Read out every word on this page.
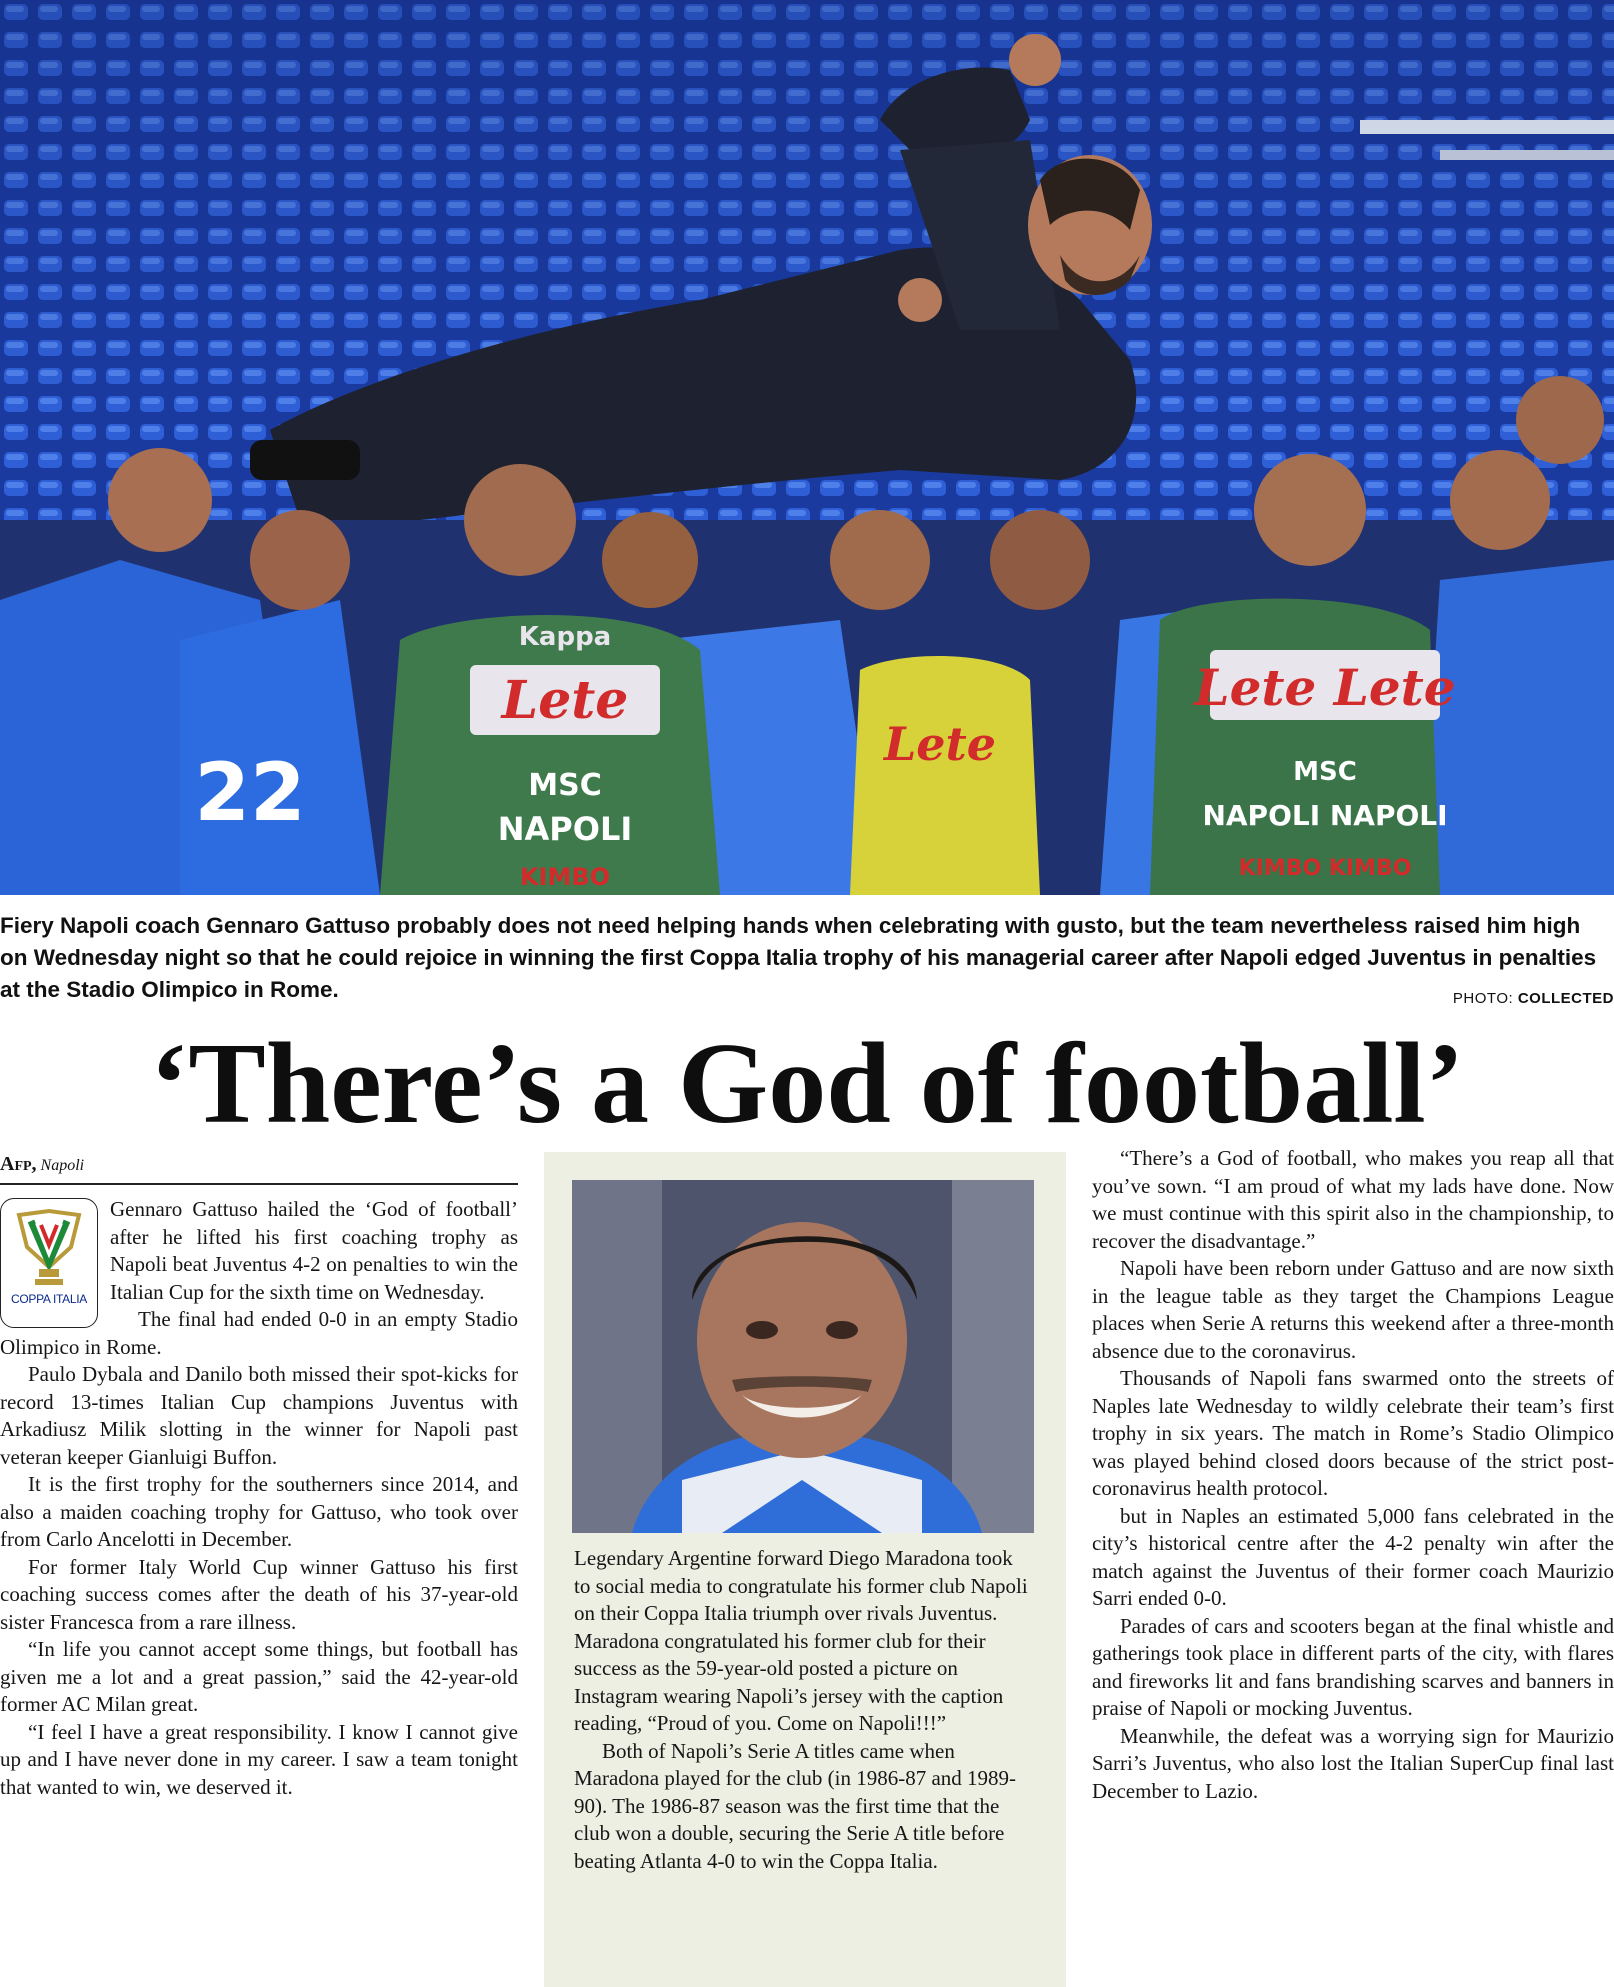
Lete
Kappa
MSC
NAPOLI
KIMBO
Lete Lete
MSC
NAPOLI NAPOLI
KIMBO KIMBO
Lete
22
Fiery Napoli coach Gennaro Gattuso probably does not need helping hands when celebrating with gusto, but the team nevertheless raised him high on Wednesday night so that he could rejoice in winning the first Coppa Italia trophy of his managerial career after Napoli edged Juventus in penalties at the Stadio Olimpico in Rome.	PHOTO: COLLECTED
‘There’s a God of football’
Afp, Napoli
COPPA ITALIA

Gennaro Gattuso hailed the ‘God of football’ after he lifted his first coaching trophy as Napoli beat Juventus 4-2 on penalties to win the Italian Cup for the sixth time on Wednesday.

The final had ended 0-0 in an empty Stadio Olimpico in Rome.

Paulo Dybala and Danilo both missed their spot-kicks for record 13-times Italian Cup champions Juventus with Arkadiusz Milik slotting in the winner for Napoli past veteran keeper Gianluigi Buffon.

It is the first trophy for the southerners since 2014, and also a maiden coaching trophy for Gattuso, who took over from Carlo Ancelotti in December.

For former Italy World Cup winner Gattuso his first coaching success comes after the death of his 37-year-old sister Francesca from a rare illness.

“In life you cannot accept some things, but football has given me a lot and a great passion,” said the 42-year-old former AC Milan great.

“I feel I have a great responsibility. I know I cannot give up and I have never done in my career. I saw a team tonight that wanted to win, we deserved it.

Legendary Argentine forward Diego Maradona took to social media to congratulate his former club Napoli on their Coppa Italia triumph over rivals Juventus. Maradona congratulated his former club for their success as the 59-year-old posted a picture on Instagram wearing Napoli’s jersey with the caption reading, “Proud of you. Come on Napoli!!!”

Both of Napoli’s Serie A titles came when Maradona played for the club (in 1986-87 and 1989-90). The 1986-87 season was the first time that the club won a double, securing the Serie A title before beating Atlanta 4-0 to win the Coppa Italia.

“There’s a God of football, who makes you reap all that you’ve sown. “I am proud of what my lads have done. Now we must continue with this spirit also in the championship, to recover the disadvantage.”

Napoli have been reborn under Gattuso and are now sixth in the league table as they target the Champions League places when Serie A returns this weekend after a three-month absence due to the coronavirus.

Thousands of Napoli fans swarmed onto the streets of Naples late Wednesday to wildly celebrate their team’s first trophy in six years. The match in Rome’s Stadio Olimpico was played behind closed doors because of the strict post-coronavirus health protocol.

but in Naples an estimated 5,000 fans celebrated in the city’s historical centre after the 4-2 penalty win after the match against the Juventus of their former coach Maurizio Sarri ended 0-0.

Parades of cars and scooters began at the final whistle and gatherings took place in different parts of the city, with flares and fireworks lit and fans brandishing scarves and banners in praise of Napoli or mocking Juventus.

Meanwhile, the defeat was a worrying sign for Maurizio Sarri’s Juventus, who also lost the Italian SuperCup final last December to Lazio.
